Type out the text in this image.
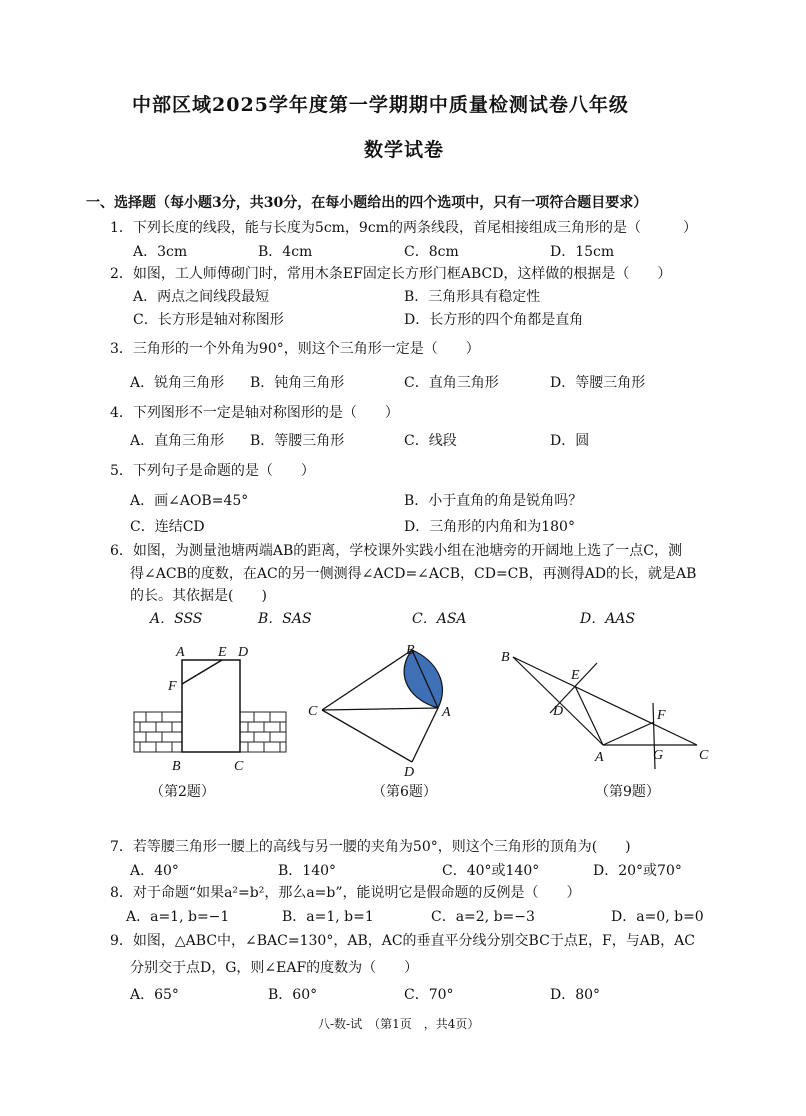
中部区域2025学年度第一学期期中质量检测试卷八年级
数学试卷
一、选择题（每小题3分，共30分，在每小题给出的四个选项中，只有一项符合题目要求）
1．下列长度的线段，能与长度为5cm，9cm的两条线段，首尾相接组成三角形的是（　　　）
A．3cm	B．4cm	C．8cm	D．15cm
2．如图，工人师傅砌门时，常用木条EF固定长方形门框ABCD，这样做的根据是（　　）
A．两点之间线段最短	B．三角形具有稳定性
C．长方形是轴对称图形	D．长方形的四个角都是直角
3．三角形的一个外角为90°，则这个三角形一定是（　　）
A．锐角三角形 B．钝角三角形	C．直角三角形	D．等腰三角形
4．下列图形不一定是轴对称图形的是（　　）
A．直角三角形 B．等腰三角形	C．线段	D．圆
5．下列句子是命题的是（　　）
A．画∠AOB=45°	B．小于直角的角是锐角吗？
C．连结CD	D．三角形的内角和为180°
6．如图，为测量池塘两端AB的距离，学校课外实践小组在池塘旁的开阔地上选了一点C，测
得∠ACB的度数，在AC的另一侧测得∠ACD=∠ACB，CD=CB，再测得AD的长，就是AB
的长。其依据是(　　)
A．SSS	B．SAS	C．ASA	D．AAS
A E D
F
B	C
（第2题）
B
C	A
D
（第6题）
B
E
D	F
A	G	C
（第9题）
7．若等腰三角形一腰上的高线与另一腰的夹角为50°，则这个三角形的顶角为(　　)
A．40°	B．140°	C．40°或140°	D．20°或70°
8．对于命题“如果a²=b²，那么a=b”，能说明它是假命题的反例是（　　）
A．a=1, b=−1	B．a=1, b=1	C．a=2, b=−3	D．a=0, b=0
9．如图，△ABC中，∠BAC=130°，AB，AC的垂直平分线分别交BC于点E，F，与AB，AC
分别交于点D，G，则∠EAF的度数为（　　）
A．65°	B．60°	C．70°	D．80°
八-数-试　（第1页　，共4页）
